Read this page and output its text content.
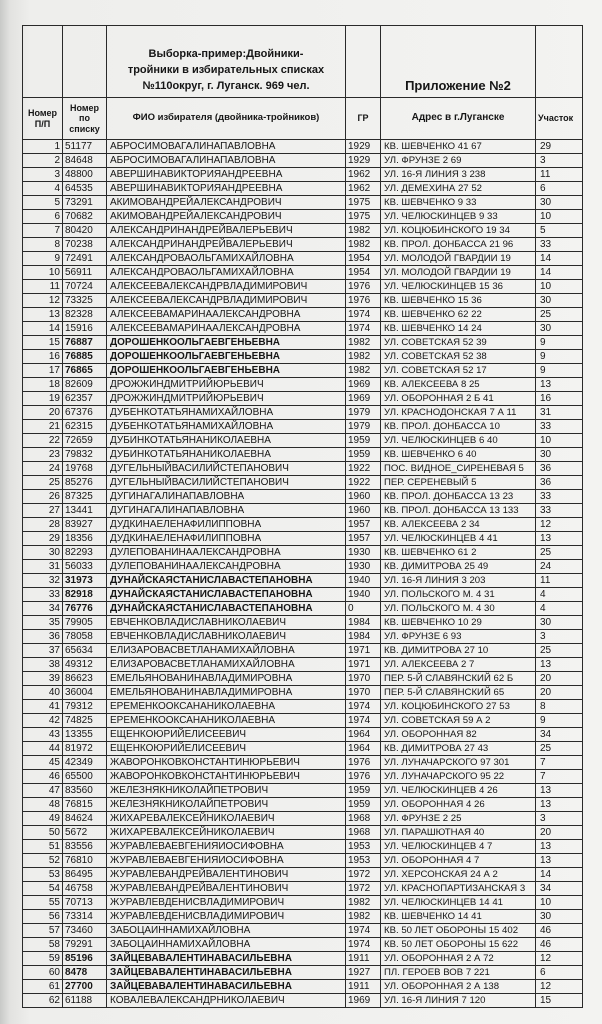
Выборка-пример:Двойники-
тройники в избирательных списках
№110округ, г. Луганск. 969 чел.	Приложение №2
Номер
П/П
Номер
по
списку
ФИО избирателя (двойника-тройников)	ГР	Адрес в г.Луганске	Участок
1 51177	АБРОСИМОВАГАЛИНАПАВЛОВНА	1929	КВ. ШЕВЧЕНКО 41 67	29
2 84648	АБРОСИМОВАГАЛИНАПАВЛОВНА	1929	УЛ. ФРУНЗЕ 2 69	3
3 48800	АВЕРШИНАВИКТОРИЯАНДРЕЕВНА	1962	УЛ. 16-Я ЛИНИЯ 3 238	11
4 64535	АВЕРШИНАВИКТОРИЯАНДРЕЕВНА	1962	УЛ. ДЕМЕХИНА 27 52	6
5 73291	АКИМОВАНДРЕЙАЛЕКСАНДРОВИЧ	1975	КВ. ШЕВЧЕНКО 9 33	30
6 70682	АКИМОВАНДРЕЙАЛЕКСАНДРОВИЧ	1975	УЛ. ЧЕЛЮСКИНЦЕВ 9 33	10
7 80420	АЛЕКСАНДРИНАНДРЕЙВАЛЕРЬЕВИЧ	1982	УЛ. КОЦЮБИНСКОГО 19 34	5
8 70238	АЛЕКСАНДРИНАНДРЕЙВАЛЕРЬЕВИЧ	1982	КВ. ПРОЛ. ДОНБАССА 21 96	33
9 72491	АЛЕКСАНДРОВАОЛЬГАМИХАЙЛОВНА	1954	УЛ. МОЛОДОЙ ГВАРДИИ 19	14
10 56911	АЛЕКСАНДРОВАОЛЬГАМИХАЙЛОВНА	1954	УЛ. МОЛОДОЙ ГВАРДИИ 19	14
11 70724	АЛЕКСЕЕВАЛЕКСАНДРВЛАДИМИРОВИЧ	1976	УЛ. ЧЕЛЮСКИНЦЕВ 15 36	10
12 73325	АЛЕКСЕЕВАЛЕКСАНДРВЛАДИМИРОВИЧ	1976	КВ. ШЕВЧЕНКО 15 36	30
13 82328	АЛЕКСЕЕВАМАРИНААЛЕКСАНДРОВНА	1974	КВ. ШЕВЧЕНКО 62 22	25
14 15916	АЛЕКСЕЕВАМАРИНААЛЕКСАНДРОВНА	1974	КВ. ШЕВЧЕНКО 14 24	30
15 76887	ДОРОШЕНКООЛЬГАЕВГЕНЬЕВНА	1982	УЛ. СОВЕТСКАЯ 52 39	9
16 76885	ДОРОШЕНКООЛЬГАЕВГЕНЬЕВНА	1982	УЛ. СОВЕТСКАЯ 52 38	9
17 76865	ДОРОШЕНКООЛЬГАЕВГЕНЬЕВНА	1982	УЛ. СОВЕТСКАЯ 52 17	9
18 82609	ДРОЖЖИНДМИТРИЙЮРЬЕВИЧ	1969	КВ. АЛЕКСЕЕВА 8 25	13
19 62357	ДРОЖЖИНДМИТРИЙЮРЬЕВИЧ	1969	УЛ. ОБОРОННАЯ 2 Б 41	16
20 67376	ДУБЕНКОТАТЬЯНАМИХАЙЛОВНА	1979	УЛ. КРАСНОДОНСКАЯ 7 А 11	31
21 62315	ДУБЕНКОТАТЬЯНАМИХАЙЛОВНА	1979	КВ. ПРОЛ. ДОНБАССА 10	33
22 72659	ДУБИНКОТАТЬЯНАНИКОЛАЕВНА	1959	УЛ. ЧЕЛЮСКИНЦЕВ 6 40	10
23 79832	ДУБИНКОТАТЬЯНАНИКОЛАЕВНА	1959	КВ. ШЕВЧЕНКО 6 40	30
24 19768	ДУГЕЛЬНЫЙВАСИЛИЙСТЕПАНОВИЧ	1922	ПОС. ВИДНОЕ_СИРЕНЕВАЯ 5	36
25 85276	ДУГЕЛЬНЫЙВАСИЛИЙСТЕПАНОВИЧ	1922	ПЕР. СЕРЕНЕВЫЙ 5	36
26 87325	ДУГИНАГАЛИНАПАВЛОВНА	1960	КВ. ПРОЛ. ДОНБАССА 13 23	33
27 13441	ДУГИНАГАЛИНАПАВЛОВНА	1960	КВ. ПРОЛ. ДОНБАССА 13 133	33
28 83927	ДУДКИНАЕЛЕНАФИЛИППОВНА	1957	КВ. АЛЕКСЕЕВА 2 34	12
29 18356	ДУДКИНАЕЛЕНАФИЛИППОВНА	1957	УЛ. ЧЕЛЮСКИНЦЕВ 4 41	13
30 82293	ДУЛЕПОВАНИНААЛЕКСАНДРОВНА	1930	КВ. ШЕВЧЕНКО 61 2	25
31 56033	ДУЛЕПОВАНИНААЛЕКСАНДРОВНА	1930	КВ. ДИМИТРОВА 25 49	24
32 31973	ДУНАЙСКАЯСТАНИСЛАВАСТЕПАНОВНА	1940	УЛ. 16-Я ЛИНИЯ 3 203	11
33 82918	ДУНАЙСКАЯСТАНИСЛАВАСТЕПАНОВНА	1940	УЛ. ПОЛЬСКОГО М. 4 31	4
34 76776	ДУНАЙСКАЯСТАНИСЛАВАСТЕПАНОВНА	0	УЛ. ПОЛЬСКОГО М. 4 30	4
35 79905	ЕВЧЕНКОВЛАДИСЛАВНИКОЛАЕВИЧ	1984	КВ. ШЕВЧЕНКО 10 29	30
36 78058	ЕВЧЕНКОВЛАДИСЛАВНИКОЛАЕВИЧ	1984	УЛ. ФРУНЗЕ 6 93	3
37 65634	ЕЛИЗАРОВАСВЕТЛАНАМИХАЙЛОВНА	1971	КВ. ДИМИТРОВА 27 10	25
38 49312	ЕЛИЗАРОВАСВЕТЛАНАМИХАЙЛОВНА	1971	УЛ. АЛЕКСЕЕВА 2 7	13
39 86623	ЕМЕЛЬЯНОВАНИНАВЛАДИМИРОВНА	1970	ПЕР. 5-Й СЛАВЯНСКИЙ 62 Б	20
40 36004	ЕМЕЛЬЯНОВАНИНАВЛАДИМИРОВНА	1970	ПЕР. 5-Й СЛАВЯНСКИЙ 65	20
41 79312	ЕРЕМЕНКООКСАНАНИКОЛАЕВНА	1974	УЛ. КОЦЮБИНСКОГО 27 53	8
42 74825	ЕРЕМЕНКООКСАНАНИКОЛАЕВНА	1974	УЛ. СОВЕТСКАЯ 59 А 2	9
43 13355	ЕЩЕНКОЮРИЙЕЛИСЕЕВИЧ	1964	УЛ. ОБОРОННАЯ 82	34
44 81972	ЕЩЕНКОЮРИЙЕЛИСЕЕВИЧ	1964	КВ. ДИМИТРОВА 27 43	25
45 42349	ЖАВОРОНКОВКОНСТАНТИНЮРЬЕВИЧ	1976	УЛ. ЛУНАЧАРСКОГО 97 301	7
46 65500	ЖАВОРОНКОВКОНСТАНТИНЮРЬЕВИЧ	1976	УЛ. ЛУНАЧАРСКОГО 95 22	7
47 83560	ЖЕЛЕЗНЯКНИКОЛАЙПЕТРОВИЧ	1959	УЛ. ЧЕЛЮСКИНЦЕВ 4 26	13
48 76815	ЖЕЛЕЗНЯКНИКОЛАЙПЕТРОВИЧ	1959	УЛ. ОБОРОННАЯ 4 26	13
49 84624	ЖИХАРЕВАЛЕКСЕЙНИКОЛАЕВИЧ	1968	УЛ. ФРУНЗЕ 2 25	3
50 5672	ЖИХАРЕВАЛЕКСЕЙНИКОЛАЕВИЧ	1968	УЛ. ПАРАШЮТНАЯ 40	20
51 83556	ЖУРАВЛЕВАЕВГЕНИЯИОСИФОВНА	1953	УЛ. ЧЕЛЮСКИНЦЕВ 4 7	13
52 76810	ЖУРАВЛЕВАЕВГЕНИЯИОСИФОВНА	1953	УЛ. ОБОРОННАЯ 4 7	13
53 86495	ЖУРАВЛЕВАНДРЕЙВАЛЕНТИНОВИЧ	1972	УЛ. ХЕРСОНСКАЯ 24 А 2	14
54 46758	ЖУРАВЛЕВАНДРЕЙВАЛЕНТИНОВИЧ	1972	УЛ. КРАСНОПАРТИЗАНСКАЯ 3	34
55 70713	ЖУРАВЛЕВДЕНИСВЛАДИМИРОВИЧ	1982	УЛ. ЧЕЛЮСКИНЦЕВ 14 41	10
56 73314	ЖУРАВЛЕВДЕНИСВЛАДИМИРОВИЧ	1982	КВ. ШЕВЧЕНКО 14 41	30
57 73460	ЗАБОЦАИННАМИХАЙЛОВНА	1974	КВ. 50 ЛЕТ ОБОРОНЫ 15 402	46
58 79291	ЗАБОЦАИННАМИХАЙЛОВНА	1974	КВ. 50 ЛЕТ ОБОРОНЫ 15 622	46
59 85196	ЗАЙЦЕВАВАЛЕНТИНАВАСИЛЬЕВНА	1911	УЛ. ОБОРОННАЯ 2 А 72	12
60 8478	ЗАЙЦЕВАВАЛЕНТИНАВАСИЛЬЕВНА	1927	ПЛ. ГЕРОЕВ ВОВ 7 221	6
61 27700	ЗАЙЦЕВАВАЛЕНТИНАВАСИЛЬЕВНА	1911	УЛ. ОБОРОННАЯ 2 А 138	12
62 61188	КОВАЛЕВАЛЕКСАНДРНИКОЛАЕВИЧ	1969	УЛ. 16-Я ЛИНИЯ 7 120	15
